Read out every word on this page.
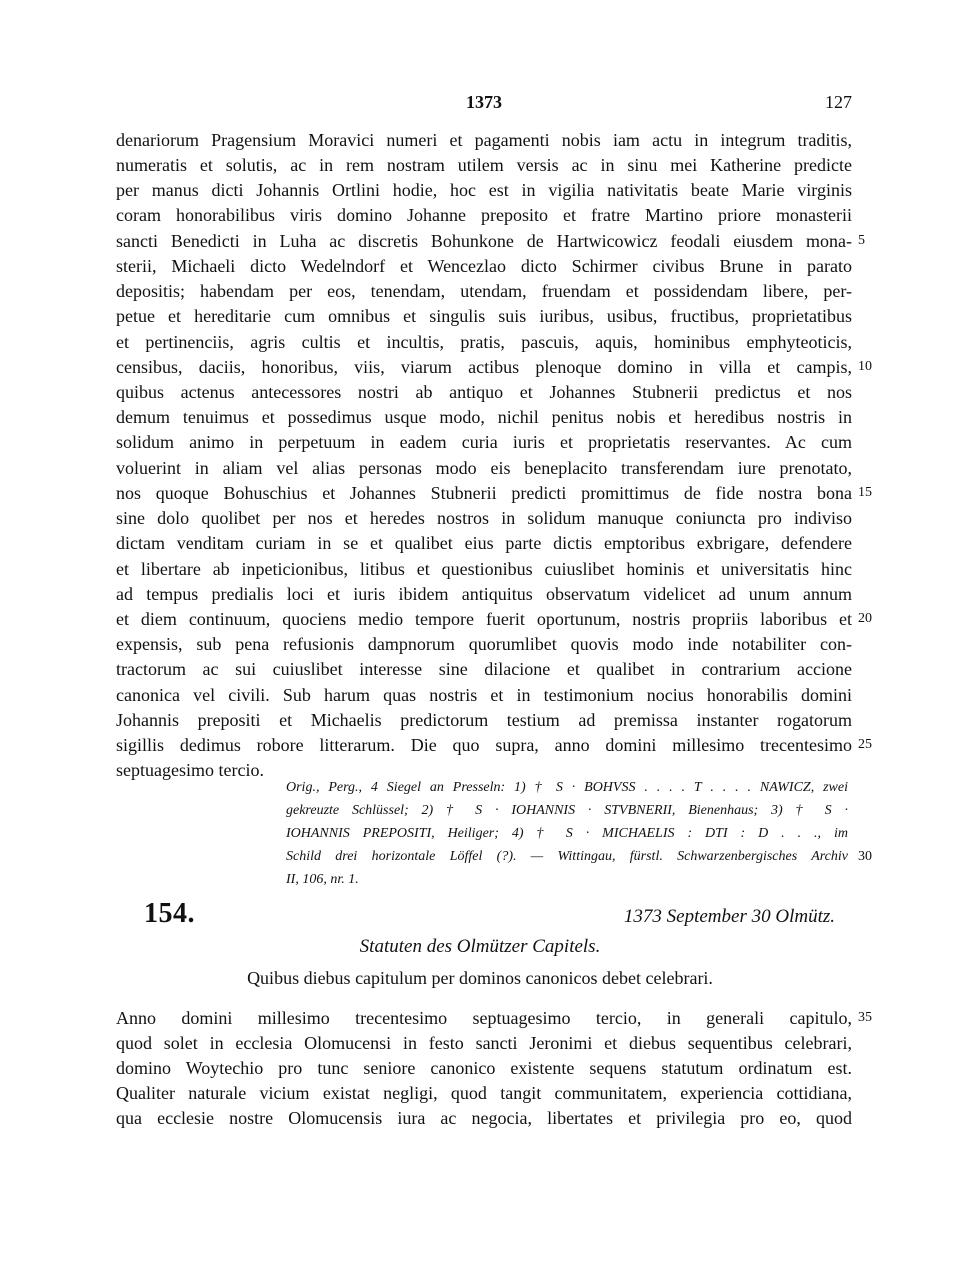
1373	127
denariorum Pragensium Moravici numeri et pagamenti nobis iam actu in integrum traditis,
numeratis et solutis, ac in rem nostram utilem versis ac in sinu mei Katherine predicte
per manus dicti Johannis Ortlini hodie, hoc est in vigilia nativitatis beate Marie virginis
coram honorabilibus viris domino Johanne preposito et fratre Martino priore monasterii
sancti Benedicti in Luha ac discretis Bohunkone de Hartwicowicz feodali eiusdem mona-
sterii, Michaeli dicto Wedelndorf et Wencezlao dicto Schirmer civibus Brune in parato
depositis; habendam per eos, tenendam, utendam, fruendam et possidendam libere, per-
petue et hereditarie cum omnibus et singulis suis iuribus, usibus, fructibus, proprietatibus
et pertinenciis, agris cultis et incultis, pratis, pascuis, aquis, hominibus emphyteoticis,
censibus, daciis, honoribus, viis, viarum actibus plenoque domino in villa et campis,
quibus actenus antecessores nostri ab antiquo et Johannes Stubnerii predictus et nos
demum tenuimus et possedimus usque modo, nichil penitus nobis et heredibus nostris in
solidum animo in perpetuum in eadem curia iuris et proprietatis reservantes. Ac cum
voluerint in aliam vel alias personas modo eis beneplacito transferendam iure prenotato,
nos quoque Bohuschius et Johannes Stubnerii predicti promittimus de fide nostra bona
sine dolo quolibet per nos et heredes nostros in solidum manuque coniuncta pro indiviso
dictam venditam curiam in se et qualibet eius parte dictis emptoribus exbrigare, defendere
et libertare ab inpeticionibus, litibus et questionibus cuiuslibet hominis et universitatis hinc
ad tempus predialis loci et iuris ibidem antiquitus observatum videlicet ad unum annum
et diem continuum, quociens medio tempore fuerit oportunum, nostris propriis laboribus et
expensis, sub pena refusionis dampnorum quorumlibet quovis modo inde notabiliter con-
tractorum ac sui cuiuslibet interesse sine dilacione et qualibet in contrarium accione
canonica vel civili. Sub harum quas nostris et in testimonium nocius honorabilis domini
Johannis prepositi et Michaelis predictorum testium ad premissa instanter rogatorum
sigillis dedimus robore litterarum. Die quo supra, anno domini millesimo trecentesimo
septuagesimo tercio.
5
10
15
20
25
Orig., Perg., 4 Siegel an Presseln: 1) † S · BOHVSS . . . . T . . . . NAWICZ, zwei
gekreuzte Schlüssel; 2) † S · IOHANNIS · STVBNERII, Bienenhaus; 3) † S ·
IOHANNIS PREPOSITI, Heiliger; 4) † S · MICHAELIS : DTI : D . . ., im
Schild drei horizontale Löffel (?). — Wittingau, fürstl. Schwarzenbergisches Archiv
II, 106, nr. 1.
30
154.	1373 September 30 Olmütz.
Statuten des Olmützer Capitels.
Quibus diebus capitulum per dominos canonicos debet celebrari.
Anno domini millesimo trecentesimo septuagesimo tercio, in generali capitulo,
quod solet in ecclesia Olomucensi in festo sancti Jeronimi et diebus sequentibus celebrari,
domino Woytechio pro tunc seniore canonico existente sequens statutum ordinatum est.
Qualiter naturale vicium existat negligi, quod tangit communitatem, experiencia cottidiana,
qua ecclesie nostre Olomucensis iura ac negocia, libertates et privilegia pro eo, quod
35
